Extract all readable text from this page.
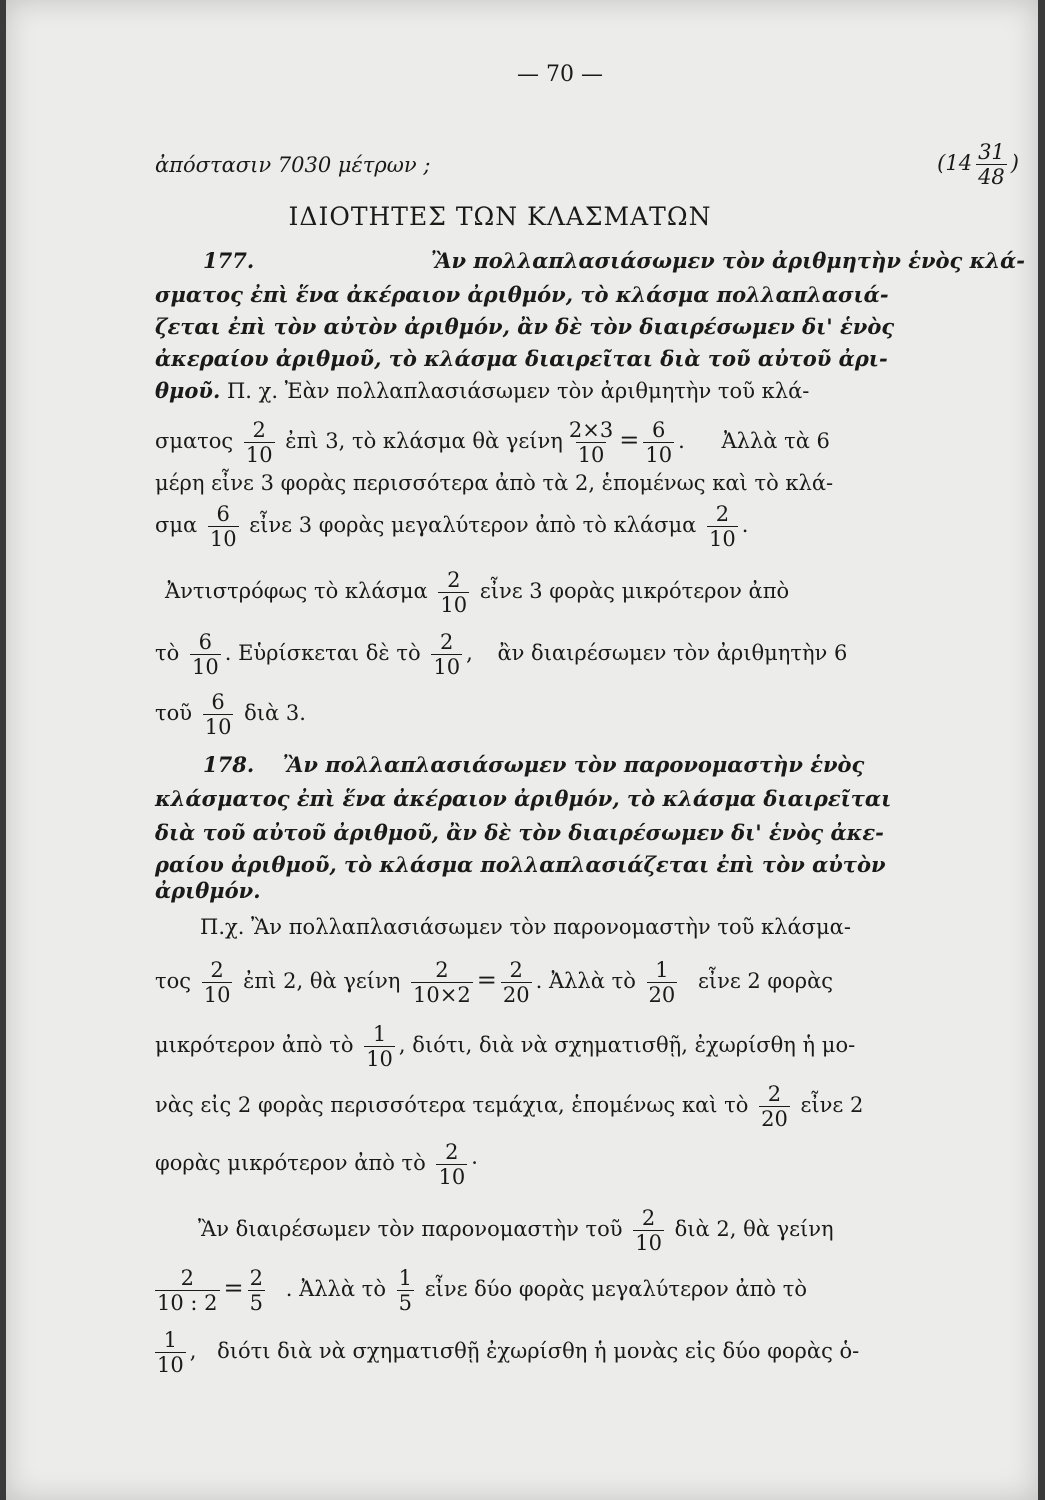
— 70 —
ἀπόστασιν 7030 μέτρων ;	($14 \frac{31}{48}$ )
ΙΔΙΟΤΗΤΕΣ ΤΩΝ ΚΛΑΣΜΑΤΩΝ
177.	Ἂν πολλαπλασιάσωμεν τὸν ἀριθμητὴν ἑνὸς κλά-
σματος ἐπὶ ἕνα ἀκέραιον ἀριθμόν, τὸ κλάσμα πολλαπλασιά-
ζεται ἐπὶ τὸν αὐτὸν ἀριθμόν, ἂν δὲ τὸν διαιρέσωμεν δι' ἑνὸς
ἀκεραίου ἀριθμοῦ, τὸ κλάσμα διαιρεῖται διὰ τοῦ αὐτοῦ ἀρι-
θμοῦ. Π. χ. Ἐὰν πολλαπλασιάσωμεν τὸν ἀριθμητὴν τοῦ κλά-
σματος $\frac{2}{10}$ ἐπὶ 3, τὸ κλάσμα θὰ γείνη $\frac{2\times 3}{10} = \frac{6}{10}$ . Ἀλλὰ τὰ 6
μέρη εἶνε 3 φορὰς περισσότερα ἀπὸ τὰ 2, ἑπομένως καὶ τὸ κλά-
σμα $\frac{6}{10}$ εἶνε 3 φορὰς μεγαλύτερον ἀπὸ τὸ κλάσμα $\frac{2}{10}$ .
Ἀντιστρόφως τὸ κλάσμα $\frac{2}{10}$ εἶνε 3 φορὰς μικρότερον ἀπὸ
τὸ $\frac{6}{10}$ . Εὑρίσκεται δὲ τὸ $\frac{2}{10}$ , ἂν διαιρέσωμεν τὸν ἀριθμητὴν 6
τοῦ $\frac{6}{10}$ διὰ 3.
178. Ἂν πολλαπλασιάσωμεν τὸν παρονομαστὴν ἑνὸς
κλάσματος ἐπὶ ἕνα ἀκέραιον ἀριθμόν, τὸ κλάσμα διαιρεῖται
διὰ τοῦ αὐτοῦ ἀριθμοῦ, ἂν δὲ τὸν διαιρέσωμεν δι' ἑνὸς ἀκε-
ραίου ἀριθμοῦ, τὸ κλάσμα πολλαπλασιάζεται ἐπὶ τὸν αὐτὸν
ἀριθμόν.
Π.χ. Ἂν πολλαπλασιάσωμεν τὸν παρονομαστὴν τοῦ κλάσμα-
τος $\frac{2}{10}$ ἐπὶ 2, θὰ γείνη $\frac{2}{10\times 2} = \frac{2}{20}$ . Ἀλλὰ τὸ $\frac{1}{20}$ εἶνε 2 φορὰς
μικρότερον ἀπὸ τὸ $\frac{1}{10}$ , διότι, διὰ νὰ σχηματισθῇ, ἐχωρίσθη ἡ μο-
νὰς εἰς 2 φορὰς περισσότερα τεμάχια, ἑπομένως καὶ τὸ $\frac{2}{20}$ εἶνε 2
φορὰς μικρότερον ἀπὸ τὸ $\frac{2}{10}$ ·
Ἂν διαιρέσωμεν τὸν παρονομαστὴν τοῦ $\frac{2}{10}$ διὰ 2, θὰ γείνη
$\frac{2}{10 : 2} = \frac{2}{5}$ . Ἀλλὰ τὸ $\frac{1}{5}$ εἶνε δύο φορὰς μεγαλύτερον ἀπὸ τὸ
$\frac{1}{10}$ , διότι διὰ νὰ σχηματισθῇ ἐχωρίσθη ἡ μονὰς εἰς δύο φορὰς ὁ-
